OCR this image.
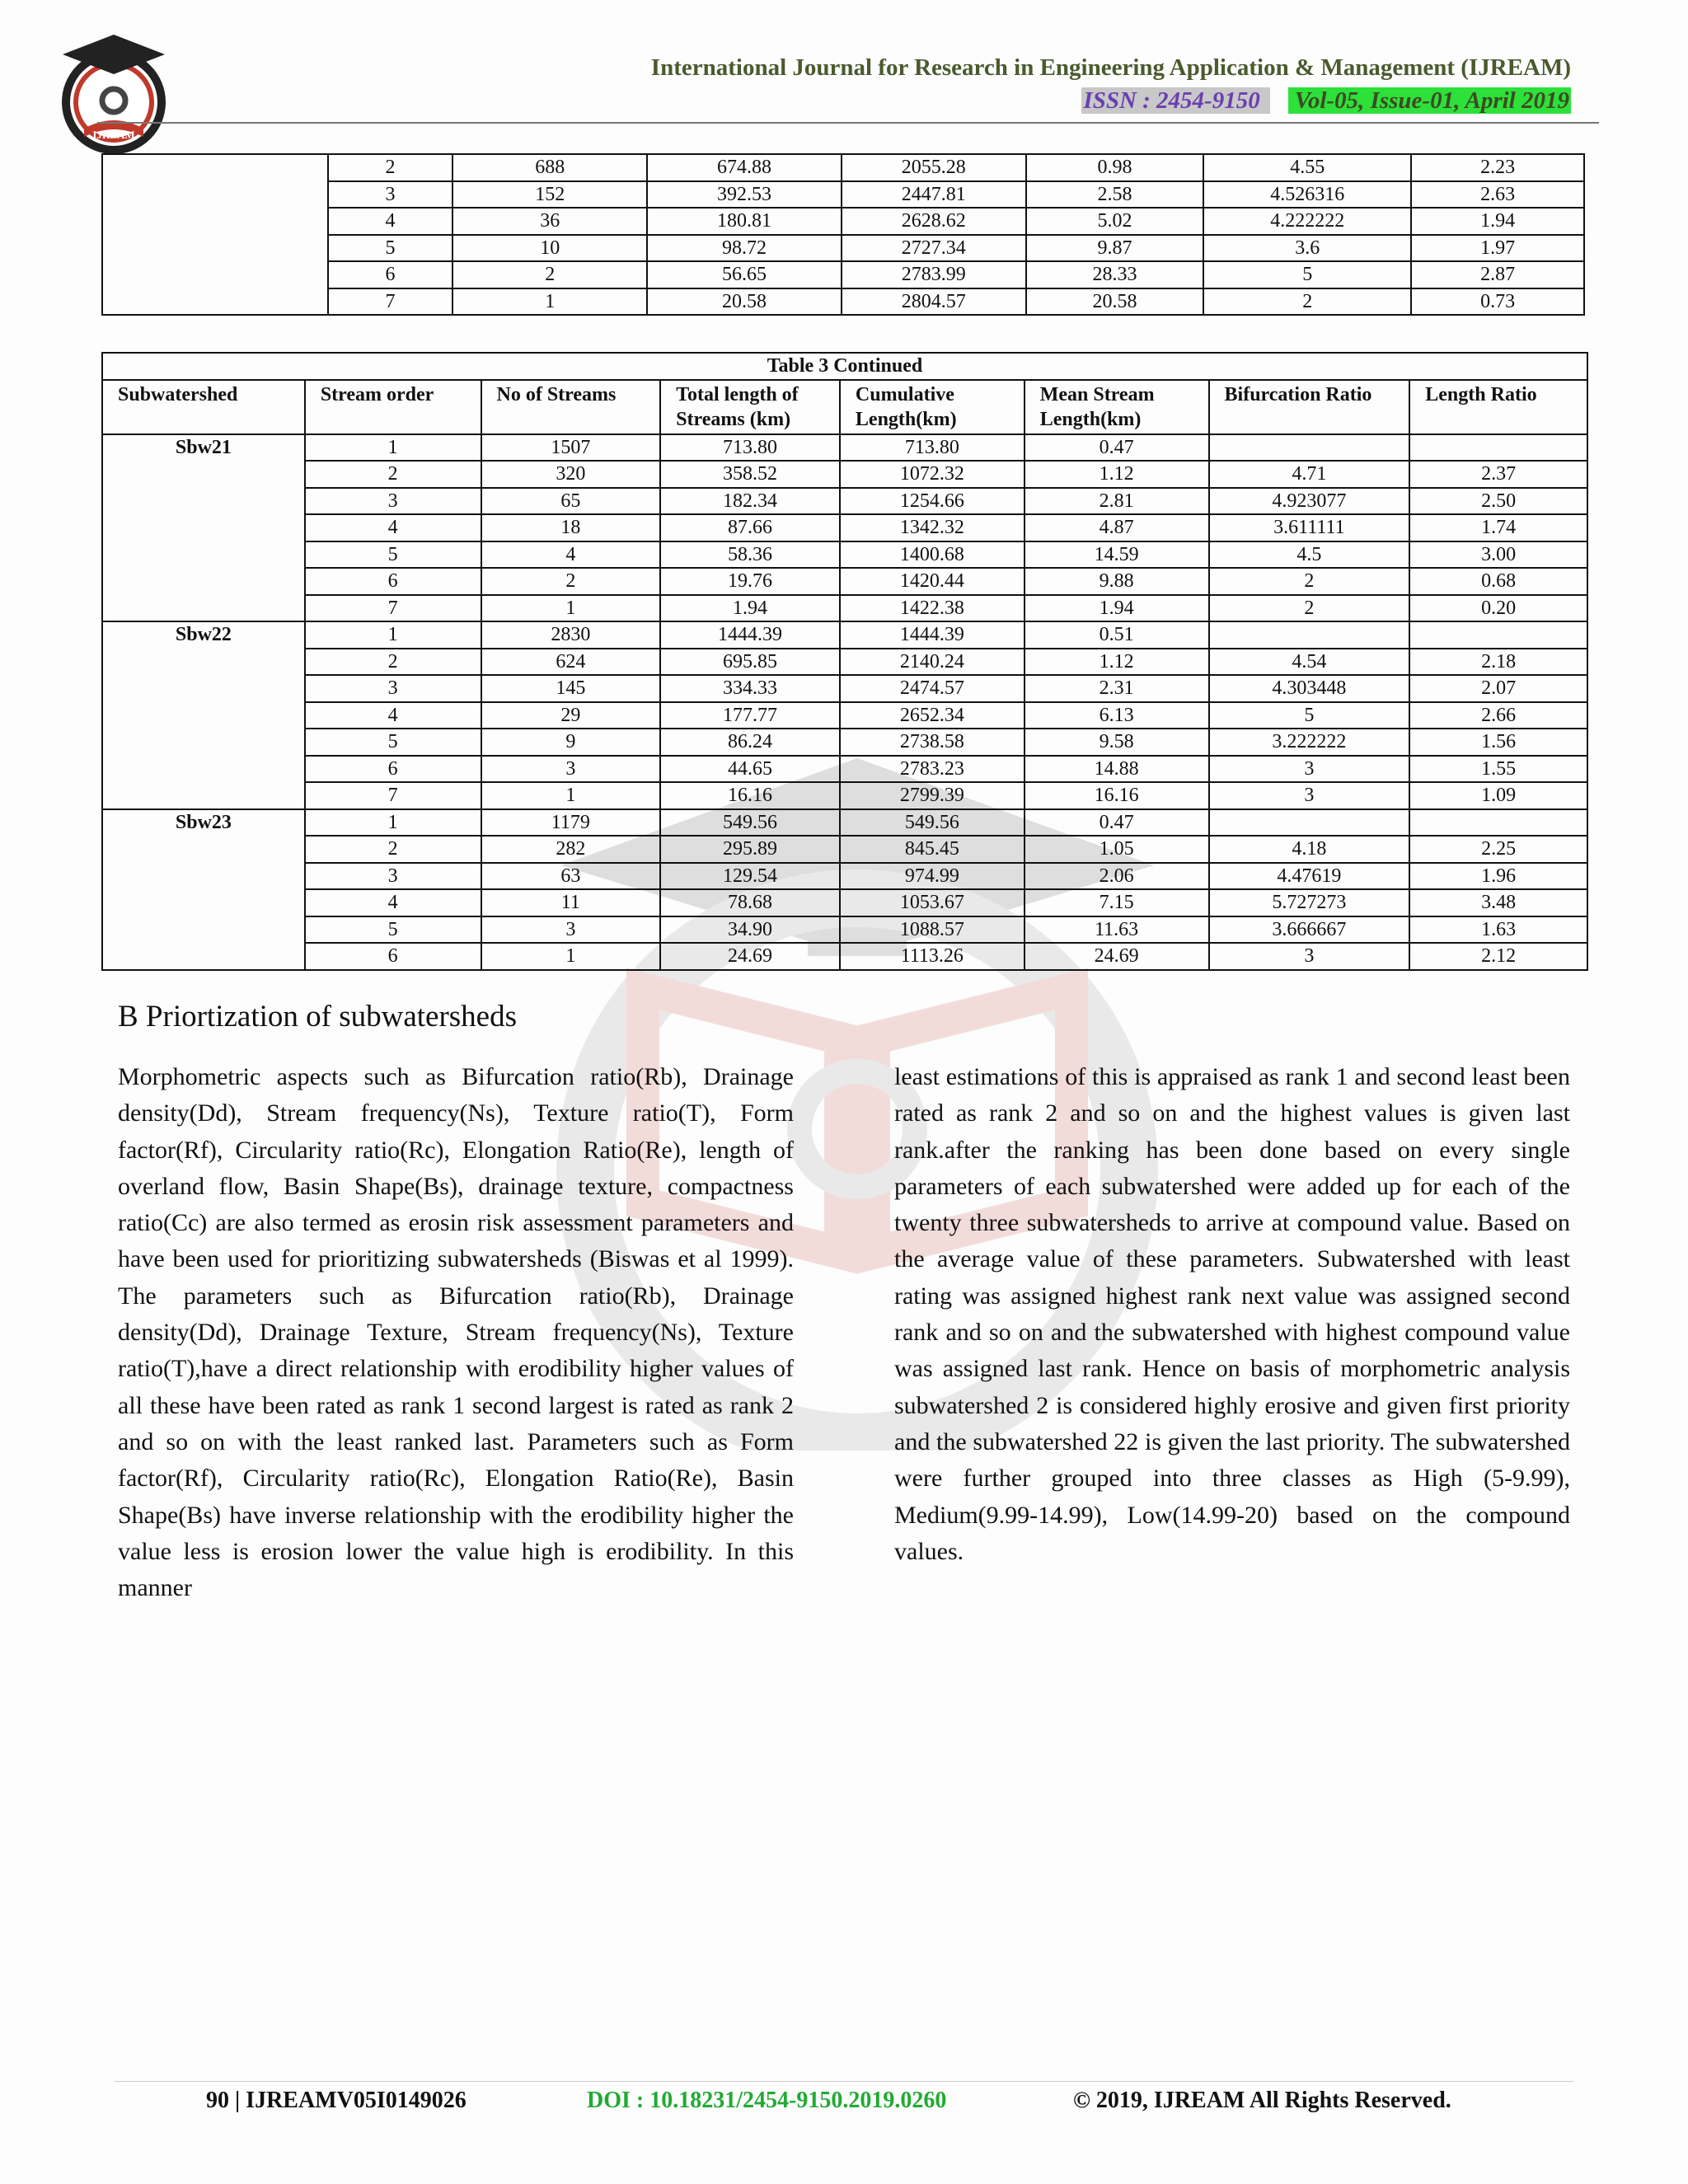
IJREAM
International Journal for Research in Engineering Application & Management (IJREAM)
ISSN : 2454-9150 Vol-05, Issue-01, April 2019
	2	688	674.88	2055.28	0.98	4.55	2.23
	3	152	392.53	2447.81	2.58	4.526316	2.63
	4	36	180.81	2628.62	5.02	4.222222	1.94
	5	10	98.72	2727.34	9.87	3.6	1.97
	6	2	56.65	2783.99	28.33	5	2.87
	7	1	20.58	2804.57	20.58	2	0.73
Table 3 Continued							
Subwatershed	Stream order	No of Streams	Total length of Streams (km)	Cumulative Length(km)	Mean Stream Length(km)	Bifurcation Ratio	Length Ratio
Sbw21	1	1507	713.80	713.80	0.47		
	2	320	358.52	1072.32	1.12	4.71	2.37
	3	65	182.34	1254.66	2.81	4.923077	2.50
	4	18	87.66	1342.32	4.87	3.611111	1.74
	5	4	58.36	1400.68	14.59	4.5	3.00
	6	2	19.76	1420.44	9.88	2	0.68
	7	1	1.94	1422.38	1.94	2	0.20
Sbw22	1	2830	1444.39	1444.39	0.51		
	2	624	695.85	2140.24	1.12	4.54	2.18
	3	145	334.33	2474.57	2.31	4.303448	2.07
	4	29	177.77	2652.34	6.13	5	2.66
	5	9	86.24	2738.58	9.58	3.222222	1.56
	6	3	44.65	2783.23	14.88	3	1.55
	7	1	16.16	2799.39	16.16	3	1.09
Sbw23	1	1179	549.56	549.56	0.47		
	2	282	295.89	845.45	1.05	4.18	2.25
	3	63	129.54	974.99	2.06	4.47619	1.96
	4	11	78.68	1053.67	7.15	5.727273	3.48
	5	3	34.90	1088.57	11.63	3.666667	1.63
	6	1	24.69	1113.26	24.69	3	2.12
B Priortization of subwatersheds
Morphometric aspects such as Bifurcation ratio(Rb), Drainage density(Dd), Stream frequency(Ns), Texture ratio(T), Form factor(Rf), Circularity ratio(Rc), Elongation Ratio(Re), length of overland flow, Basin Shape(Bs), drainage texture, compactness ratio(Cc) are also termed as erosin risk assessment parameters and have been used for prioritizing subwatersheds (Biswas et al 1999). The parameters such as Bifurcation ratio(Rb), Drainage density(Dd), Drainage Texture, Stream frequency(Ns), Texture ratio(T),have a direct relationship with erodibility higher values of all these have been rated as rank 1 second largest is rated as rank 2 and so on with the least ranked last. Parameters such as Form factor(Rf), Circularity ratio(Rc), Elongation Ratio(Re), Basin Shape(Bs) have inverse relationship with the erodibility higher the value less is erosion lower the value high is erodibility. In this manner
least estimations of this is appraised as rank 1 and second least been rated as rank 2 and so on and the highest values is given last rank.after the ranking has been done based on every single parameters of each subwatershed were added up for each of the twenty three subwatersheds to arrive at compound value. Based on the average value of these parameters. Subwatershed with least rating was assigned highest rank next value was assigned second rank and so on and the subwatershed with highest compound value was assigned last rank. Hence on basis of morphometric analysis subwatershed 2 is considered highly erosive and given first priority and the subwatershed 22 is given the last priority. The subwatershed were further grouped into three classes as High (5-9.99), Medium(9.99-14.99), Low(14.99-20) based on the compound values.
90 | IJREAMV05I0149026	DOI : 10.18231/2454-9150.2019.0260	© 2019, IJREAM All Rights Reserved.
